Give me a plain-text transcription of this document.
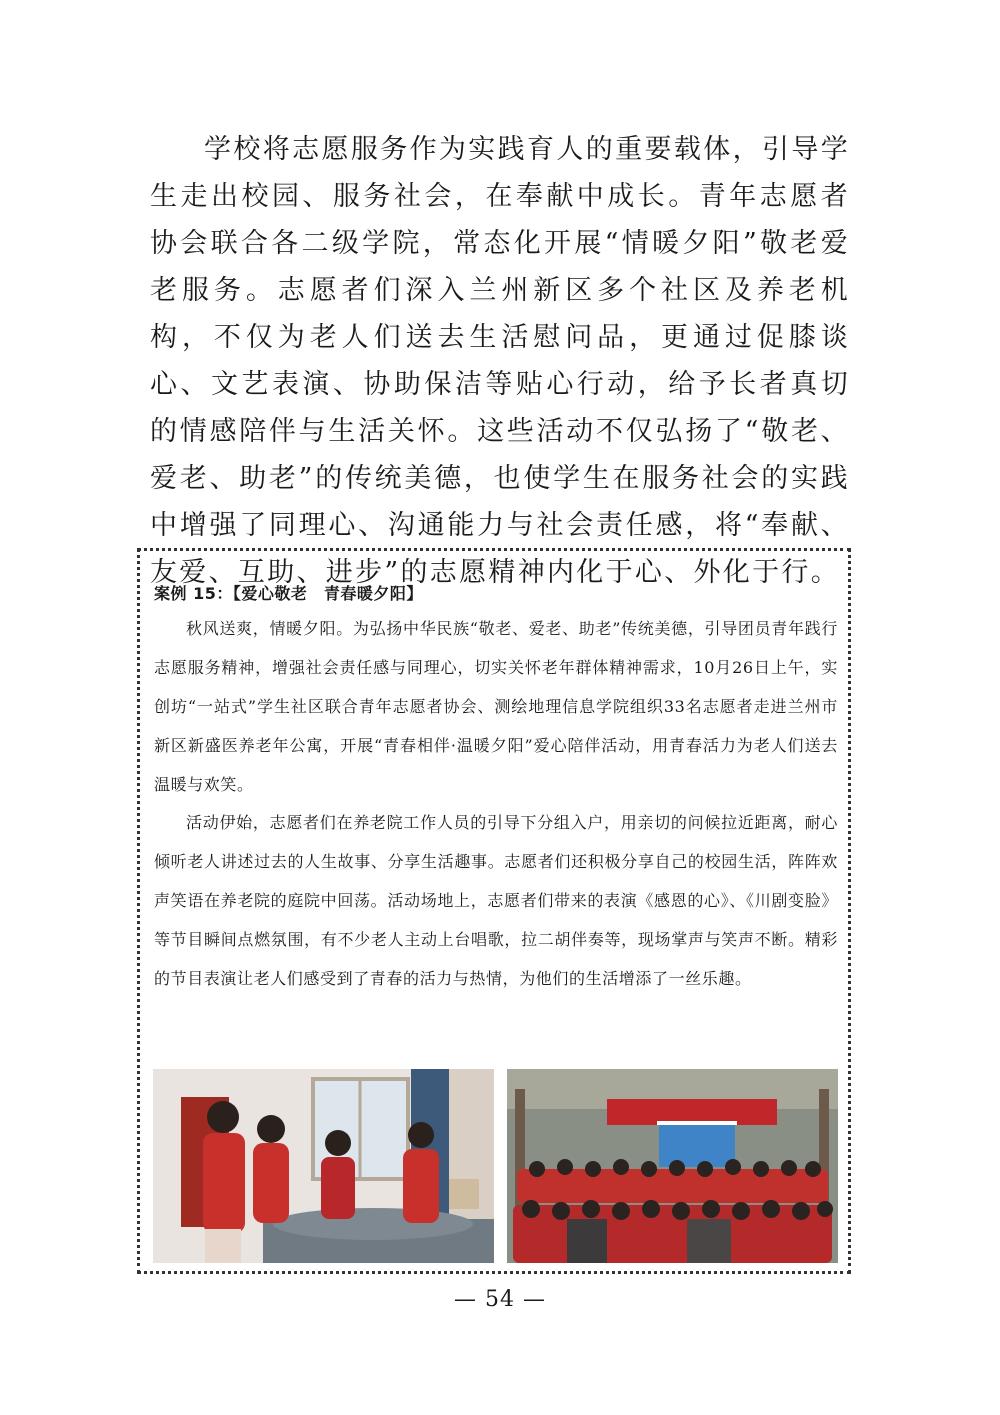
学校将志愿服务作为实践育人的重要载体，引导学生走出校园、服务社会，在奉献中成长。青年志愿者协会联合各二级学院，常态化开展“情暖夕阳”敬老爱老服务。志愿者们深入兰州新区多个社区及养老机构，不仅为老人们送去生活慰问品，更通过促膝谈心、文艺表演、协助保洁等贴心行动，给予长者真切的情感陪伴与生活关怀。这些活动不仅弘扬了“敬老、爱老、助老”的传统美德，也使学生在服务社会的实践中增强了同理心、沟通能力与社会责任感，将“奉献、友爱、互助、进步”的志愿精神内化于心、外化于行。

案例 15：【爱心敬老　青春暖夕阳】

秋风送爽，情暖夕阳。为弘扬中华民族“敬老、爱老、助老”传统美德，引导团员青年践行志愿服务精神，增强社会责任感与同理心，切实关怀老年群体精神需求，10月26日上午，实创坊“一站式”学生社区联合青年志愿者协会、测绘地理信息学院组织33名志愿者走进兰州市新区新盛医养老年公寓，开展“青春相伴·温暖夕阳”爱心陪伴活动，用青春活力为老人们送去温暖与欢笑。

活动伊始，志愿者们在养老院工作人员的引导下分组入户，用亲切的问候拉近距离，耐心倾听老人讲述过去的人生故事、分享生活趣事。志愿者们还积极分享自己的校园生活，阵阵欢声笑语在养老院的庭院中回荡。活动场地上，志愿者们带来的表演《感恩的心》、《川剧变脸》等节目瞬间点燃氛围，有不少老人主动上台唱歌，拉二胡伴奏等，现场掌声与笑声不断。精彩的节目表演让老人们感受到了青春的活力与热情，为他们的生活增添了一丝乐趣。

— 54 —
